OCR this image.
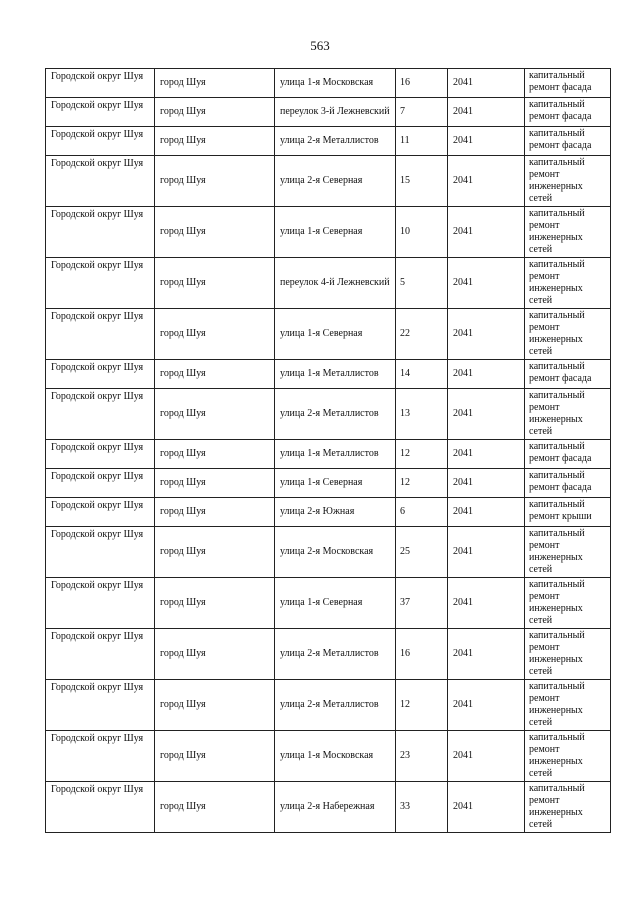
563
Городской округ Шуя	город Шуя	улица 1-я Московская	16	2041	капитальный ремонт фасада
Городской округ Шуя	город Шуя	переулок 3-й Лежневский	7	2041	капитальный ремонт фасада
Городской округ Шуя	город Шуя	улица 2-я Металлистов	11	2041	капитальный ремонт фасада
Городской округ Шуя	город Шуя	улица 2-я Северная	15	2041	капитальный ремонт инженерных сетей
Городской округ Шуя	город Шуя	улица 1-я Северная	10	2041	капитальный ремонт инженерных сетей
Городской округ Шуя	город Шуя	переулок 4-й Лежневский	5	2041	капитальный ремонт инженерных сетей
Городской округ Шуя	город Шуя	улица 1-я Северная	22	2041	капитальный ремонт инженерных сетей
Городской округ Шуя	город Шуя	улица 1-я Металлистов	14	2041	капитальный ремонт фасада
Городской округ Шуя	город Шуя	улица 2-я Металлистов	13	2041	капитальный ремонт инженерных сетей
Городской округ Шуя	город Шуя	улица 1-я Металлистов	12	2041	капитальный ремонт фасада
Городской округ Шуя	город Шуя	улица 1-я Северная	12	2041	капитальный ремонт фасада
Городской округ Шуя	город Шуя	улица 2-я Южная	6	2041	капитальный ремонт крыши
Городской округ Шуя	город Шуя	улица 2-я Московская	25	2041	капитальный ремонт инженерных сетей
Городской округ Шуя	город Шуя	улица 1-я Северная	37	2041	капитальный ремонт инженерных сетей
Городской округ Шуя	город Шуя	улица 2-я Металлистов	16	2041	капитальный ремонт инженерных сетей
Городской округ Шуя	город Шуя	улица 2-я Металлистов	12	2041	капитальный ремонт инженерных сетей
Городской округ Шуя	город Шуя	улица 1-я Московская	23	2041	капитальный ремонт инженерных сетей
Городской округ Шуя	город Шуя	улица 2-я Набережная	33	2041	капитальный ремонт инженерных сетей
